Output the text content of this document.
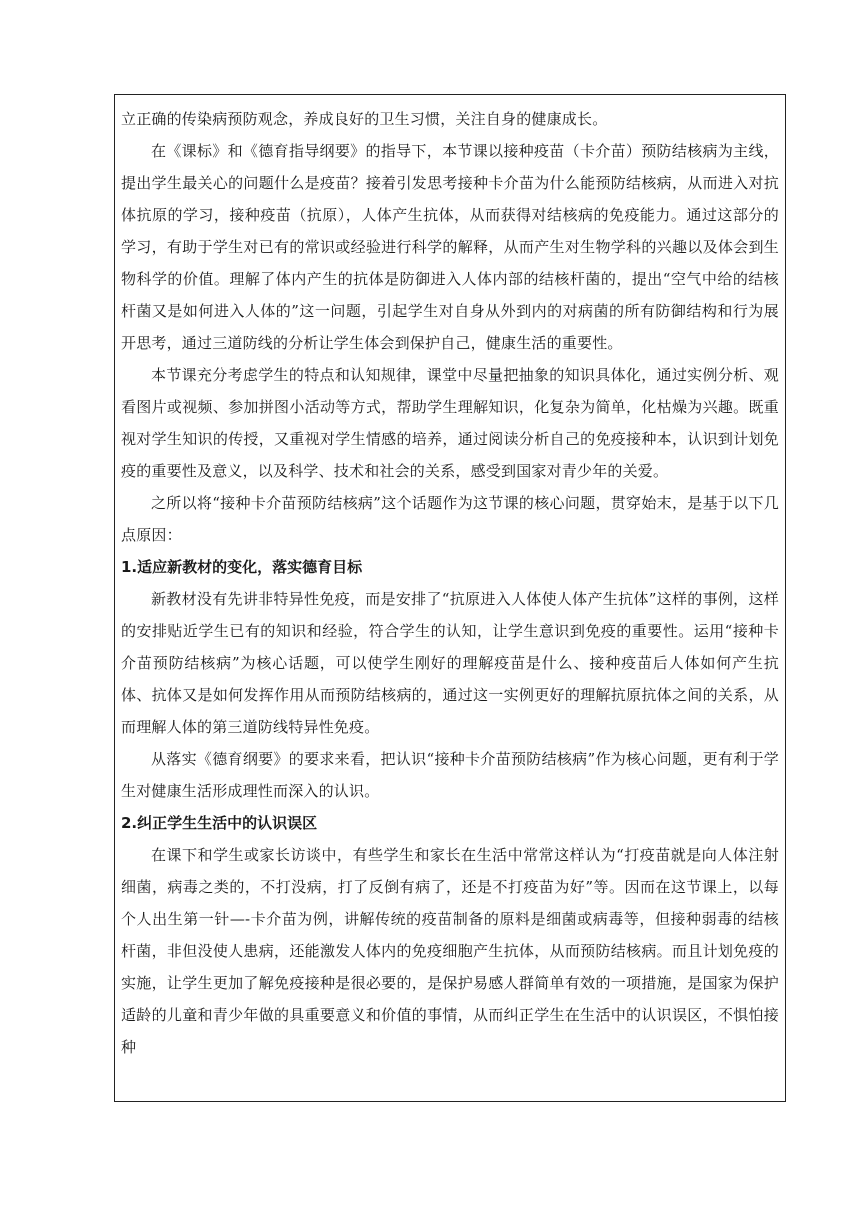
立正确的传染病预防观念，养成良好的卫生习惯，关注自身的健康成长。

在《课标》和《德育指导纲要》的指导下，本节课以接种疫苗（卡介苗）预防结核病为主线，提出学生最关心的问题什么是疫苗？接着引发思考接种卡介苗为什么能预防结核病，从而进入对抗体抗原的学习，接种疫苗（抗原），人体产生抗体，从而获得对结核病的免疫能力。通过这部分的学习，有助于学生对已有的常识或经验进行科学的解释，从而产生对生物学科的兴趣以及体会到生物科学的价值。理解了体内产生的抗体是防御进入人体内部的结核杆菌的，提出“空气中给的结核杆菌又是如何进入人体的”这一问题，引起学生对自身从外到内的对病菌的所有防御结构和行为展开思考，通过三道防线的分析让学生体会到保护自己，健康生活的重要性。

本节课充分考虑学生的特点和认知规律，课堂中尽量把抽象的知识具体化，通过实例分析、观看图片或视频、参加拼图小活动等方式，帮助学生理解知识，化复杂为简单，化枯燥为兴趣。既重视对学生知识的传授，又重视对学生情感的培养，通过阅读分析自己的免疫接种本，认识到计划免疫的重要性及意义，以及科学、技术和社会的关系，感受到国家对青少年的关爱。

之所以将“接种卡介苗预防结核病”这个话题作为这节课的核心问题，贯穿始末，是基于以下几点原因：

1.适应新教材的变化，落实德育目标

新教材没有先讲非特异性免疫，而是安排了“抗原进入人体使人体产生抗体”这样的事例，这样的安排贴近学生已有的知识和经验，符合学生的认知，让学生意识到免疫的重要性。运用“接种卡介苗预防结核病”为核心话题，可以使学生刚好的理解疫苗是什么、接种疫苗后人体如何产生抗体、抗体又是如何发挥作用从而预防结核病的，通过这一实例更好的理解抗原抗体之间的关系，从而理解人体的第三道防线特异性免疫。

从落实《德育纲要》的要求来看，把认识“接种卡介苗预防结核病”作为核心问题，更有利于学生对健康生活形成理性而深入的认识。

2.纠正学生生活中的认识误区

在课下和学生或家长访谈中，有些学生和家长在生活中常常这样认为“打疫苗就是向人体注射细菌，病毒之类的，不打没病，打了反倒有病了，还是不打疫苗为好”等。因而在这节课上，以每个人出生第一针—-卡介苗为例，讲解传统的疫苗制备的原料是细菌或病毒等，但接种弱毒的结核杆菌，非但没使人患病，还能激发人体内的免疫细胞产生抗体，从而预防结核病。而且计划免疫的实施，让学生更加了解免疫接种是很必要的，是保护易感人群简单有效的一项措施，是国家为保护适龄的儿童和青少年做的具重要意义和价值的事情，从而纠正学生在生活中的认识误区，不惧怕接种
